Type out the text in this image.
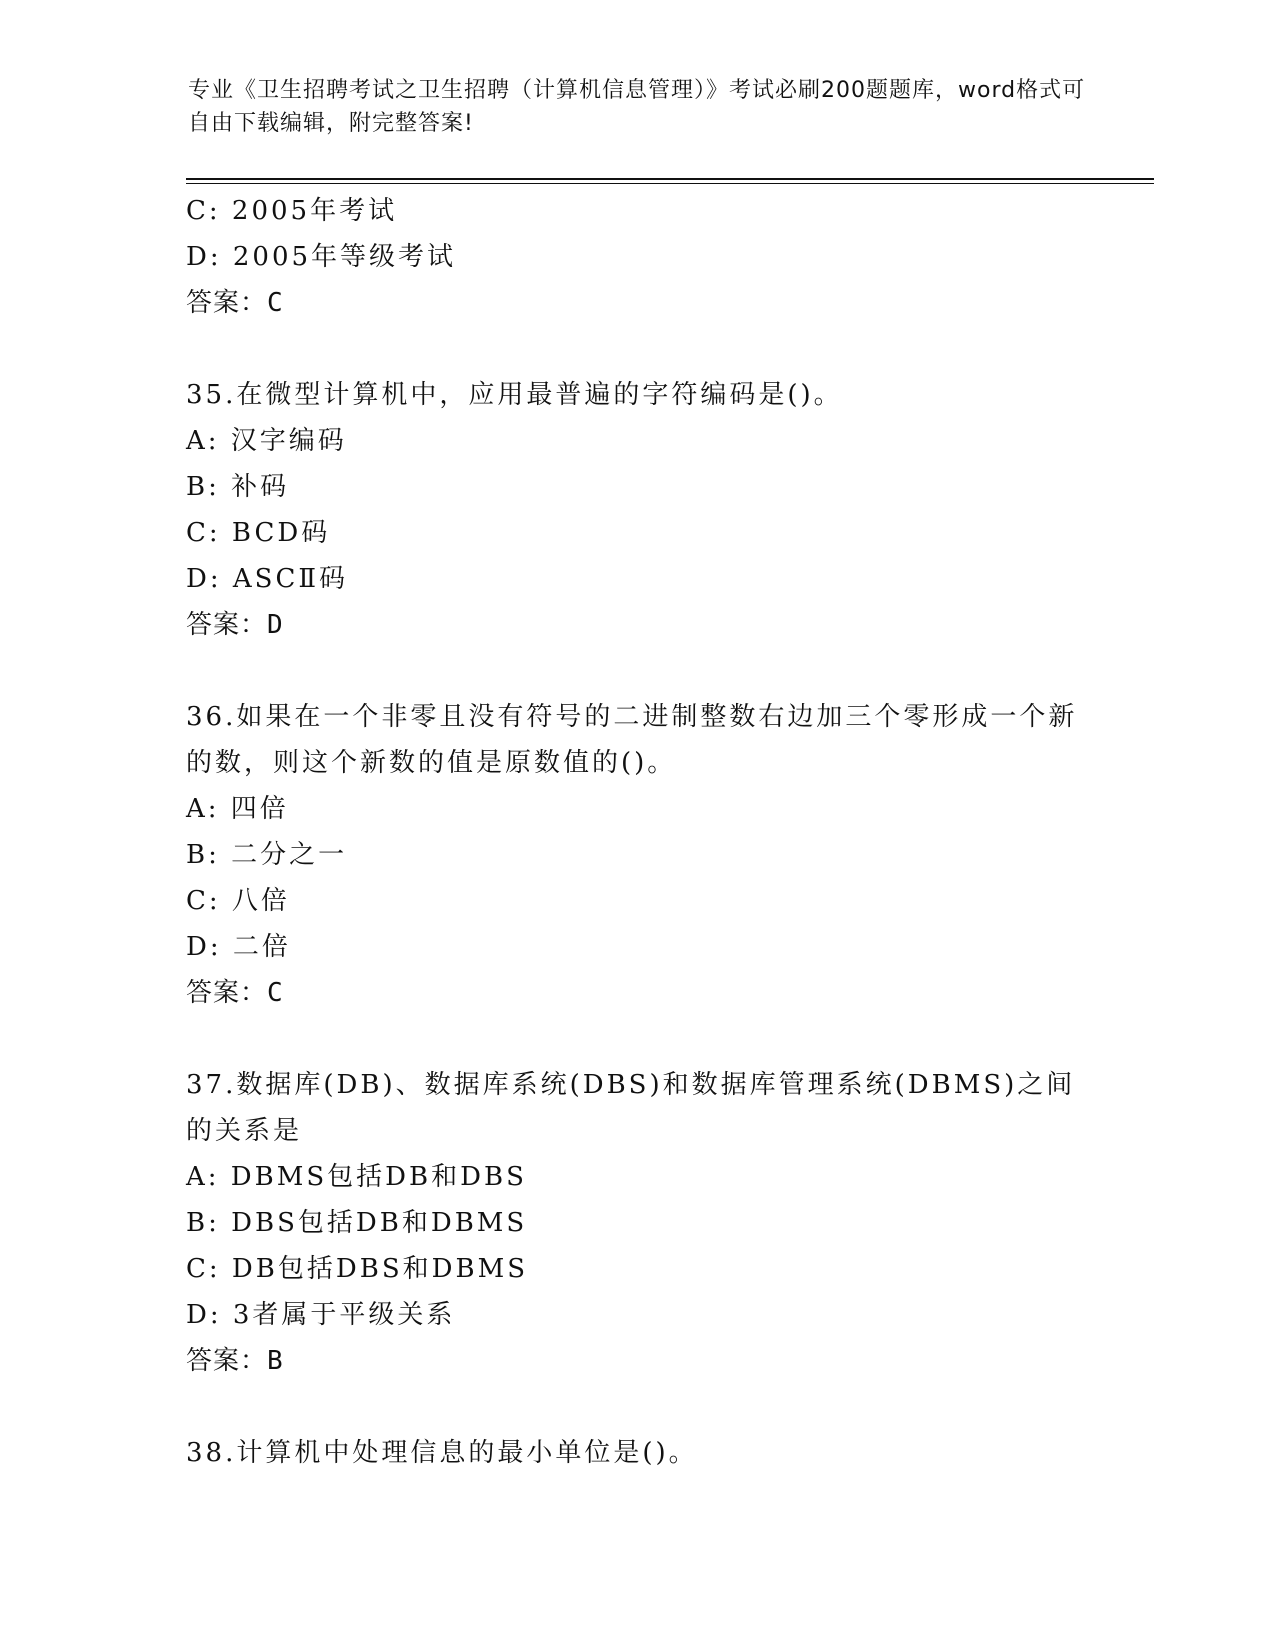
专业《卫生招聘考试之卫生招聘（计算机信息管理）》考试必刷200题题库，word格式可自由下载编辑，附完整答案!
C: 2005年考试
D: 2005年等级考试
答案：C
35.在微型计算机中，应用最普遍的字符编码是()。
A: 汉字编码
B: 补码
C: BCD码
D: ASCⅡ码
答案：D
36.如果在一个非零且没有符号的二进制整数右边加三个零形成一个新的数，则这个新数的值是原数值的()。
A: 四倍
B: 二分之一
C: 八倍
D: 二倍
答案：C
37.数据库(DB)、数据库系统(DBS)和数据库管理系统(DBMS)之间的关系是
A: DBMS包括DB和DBS
B: DBS包括DB和DBMS
C: DB包括DBS和DBMS
D: 3者属于平级关系
答案：B
38.计算机中处理信息的最小单位是()。
